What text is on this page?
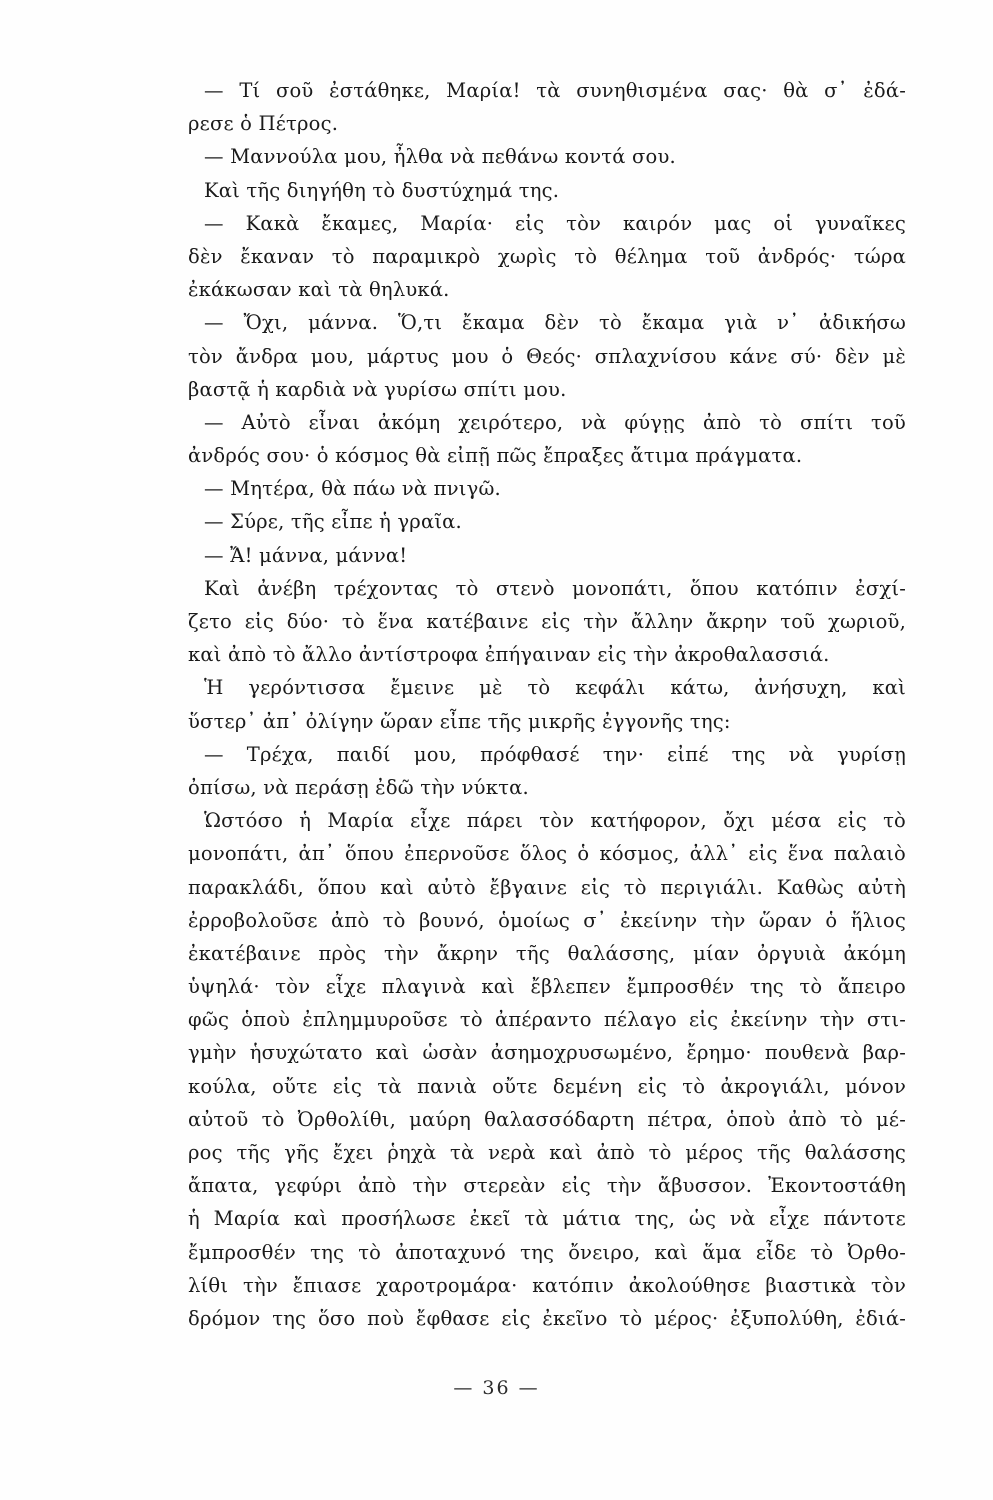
— Τί σοῦ ἐστάθηκε, Μαρία! τὰ συνηθισμένα σας· θὰ σ᾽ ἐδά-
ρεσε ὁ Πέτρος.
— Μαννούλα μου, ἦλθα νὰ πεθάνω κοντά σου.
Καὶ τῆς διηγήθη τὸ δυστύχημά της.
— Κακὰ ἔκαμες, Μαρία· εἰς τὸν καιρόν μας οἱ γυναῖκες
δὲν ἔκαναν τὸ παραμικρὸ χωρὶς τὸ θέλημα τοῦ ἀνδρός· τώρα
ἐκάκωσαν καὶ τὰ θηλυκά.
— Ὄχι, μάννα. Ὅ,τι ἔκαμα δὲν τὸ ἔκαμα γιὰ ν᾽ ἀδικήσω
τὸν ἄνδρα μου, μάρτυς μου ὁ Θεός· σπλαχνίσου κάνε σύ· δὲν μὲ
βαστᾷ ἡ καρδιὰ νὰ γυρίσω σπίτι μου.
— Αὐτὸ εἶναι ἀκόμη χειρότερο, νὰ φύγῃς ἀπὸ τὸ σπίτι τοῦ
ἀνδρός σου· ὁ κόσμος θὰ εἰπῇ πῶς ἔπραξες ἄτιμα πράγματα.
— Μητέρα, θὰ πάω νὰ πνιγῶ.
— Σύρε, τῆς εἶπε ἡ γραῖα.
— Ἄ! μάννα, μάννα!
Καὶ ἀνέβη τρέχοντας τὸ στενὸ μονοπάτι, ὅπου κατόπιν ἐσχί-
ζετο εἰς δύο· τὸ ἕνα κατέβαινε εἰς τὴν ἄλλην ἄκρην τοῦ χωριοῦ,
καὶ ἀπὸ τὸ ἄλλο ἀντίστροφα ἐπήγαιναν εἰς τὴν ἀκροθαλασσιά.
Ἡ γερόντισσα ἔμεινε μὲ τὸ κεφάλι κάτω, ἀνήσυχη, καὶ
ὕστερ᾽ ἀπ᾽ ὀλίγην ὥραν εἶπε τῆς μικρῆς ἐγγονῆς της:
— Τρέχα, παιδί μου, πρόφθασέ την· εἰπέ της νὰ γυρίσῃ
ὀπίσω, νὰ περάσῃ ἐδῶ τὴν νύκτα.
Ὡστόσο ἡ Μαρία εἶχε πάρει τὸν κατήφορον, ὄχι μέσα εἰς τὸ
μονοπάτι, ἀπ᾽ ὅπου ἐπερνοῦσε ὅλος ὁ κόσμος, ἀλλ᾽ εἰς ἕνα παλαιὸ
παρακλάδι, ὅπου καὶ αὐτὸ ἔβγαινε εἰς τὸ περιγιάλι. Καθὼς αὐτὴ
ἐρροβολοῦσε ἀπὸ τὸ βουνό, ὁμοίως σ᾽ ἐκείνην τὴν ὥραν ὁ ἥλιος
ἐκατέβαινε πρὸς τὴν ἄκρην τῆς θαλάσσης, μίαν ὀργυιὰ ἀκόμη
ὑψηλά· τὸν εἶχε πλαγινὰ καὶ ἔβλεπεν ἔμπροσθέν της τὸ ἄπειρο
φῶς ὁποὺ ἐπλημμυροῦσε τὸ ἀπέραντο πέλαγο εἰς ἐκείνην τὴν στι-
γμὴν ἡσυχώτατο καὶ ὡσὰν ἀσημοχρυσωμένο, ἔρημο· πουθενὰ βαρ-
κούλα, οὔτε εἰς τὰ πανιὰ οὔτε δεμένη εἰς τὸ ἀκρογιάλι, μόνον
αὐτοῦ τὸ Ὀρθολίθι, μαύρη θαλασσόδαρτη πέτρα, ὁποὺ ἀπὸ τὸ μέ-
ρος τῆς γῆς ἔχει ῥηχὰ τὰ νερὰ καὶ ἀπὸ τὸ μέρος τῆς θαλάσσης
ἄπατα, γεφύρι ἀπὸ τὴν στερεὰν εἰς τὴν ἄβυσσον. Ἐκοντοστάθη
ἡ Μαρία καὶ προσήλωσε ἐκεῖ τὰ μάτια της, ὡς νὰ εἶχε πάντοτε
ἔμπροσθέν της τὸ ἀποταχυνό της ὄνειρο, καὶ ἅμα εἶδε τὸ Ὀρθο-
λίθι τὴν ἔπιασε χαροτρομάρα· κατόπιν ἀκολούθησε βιαστικὰ τὸν
δρόμον της ὅσο ποὺ ἔφθασε εἰς ἐκεῖνο τὸ μέρος· ἐξυπολύθη, ἐδιά-
— 36 —
